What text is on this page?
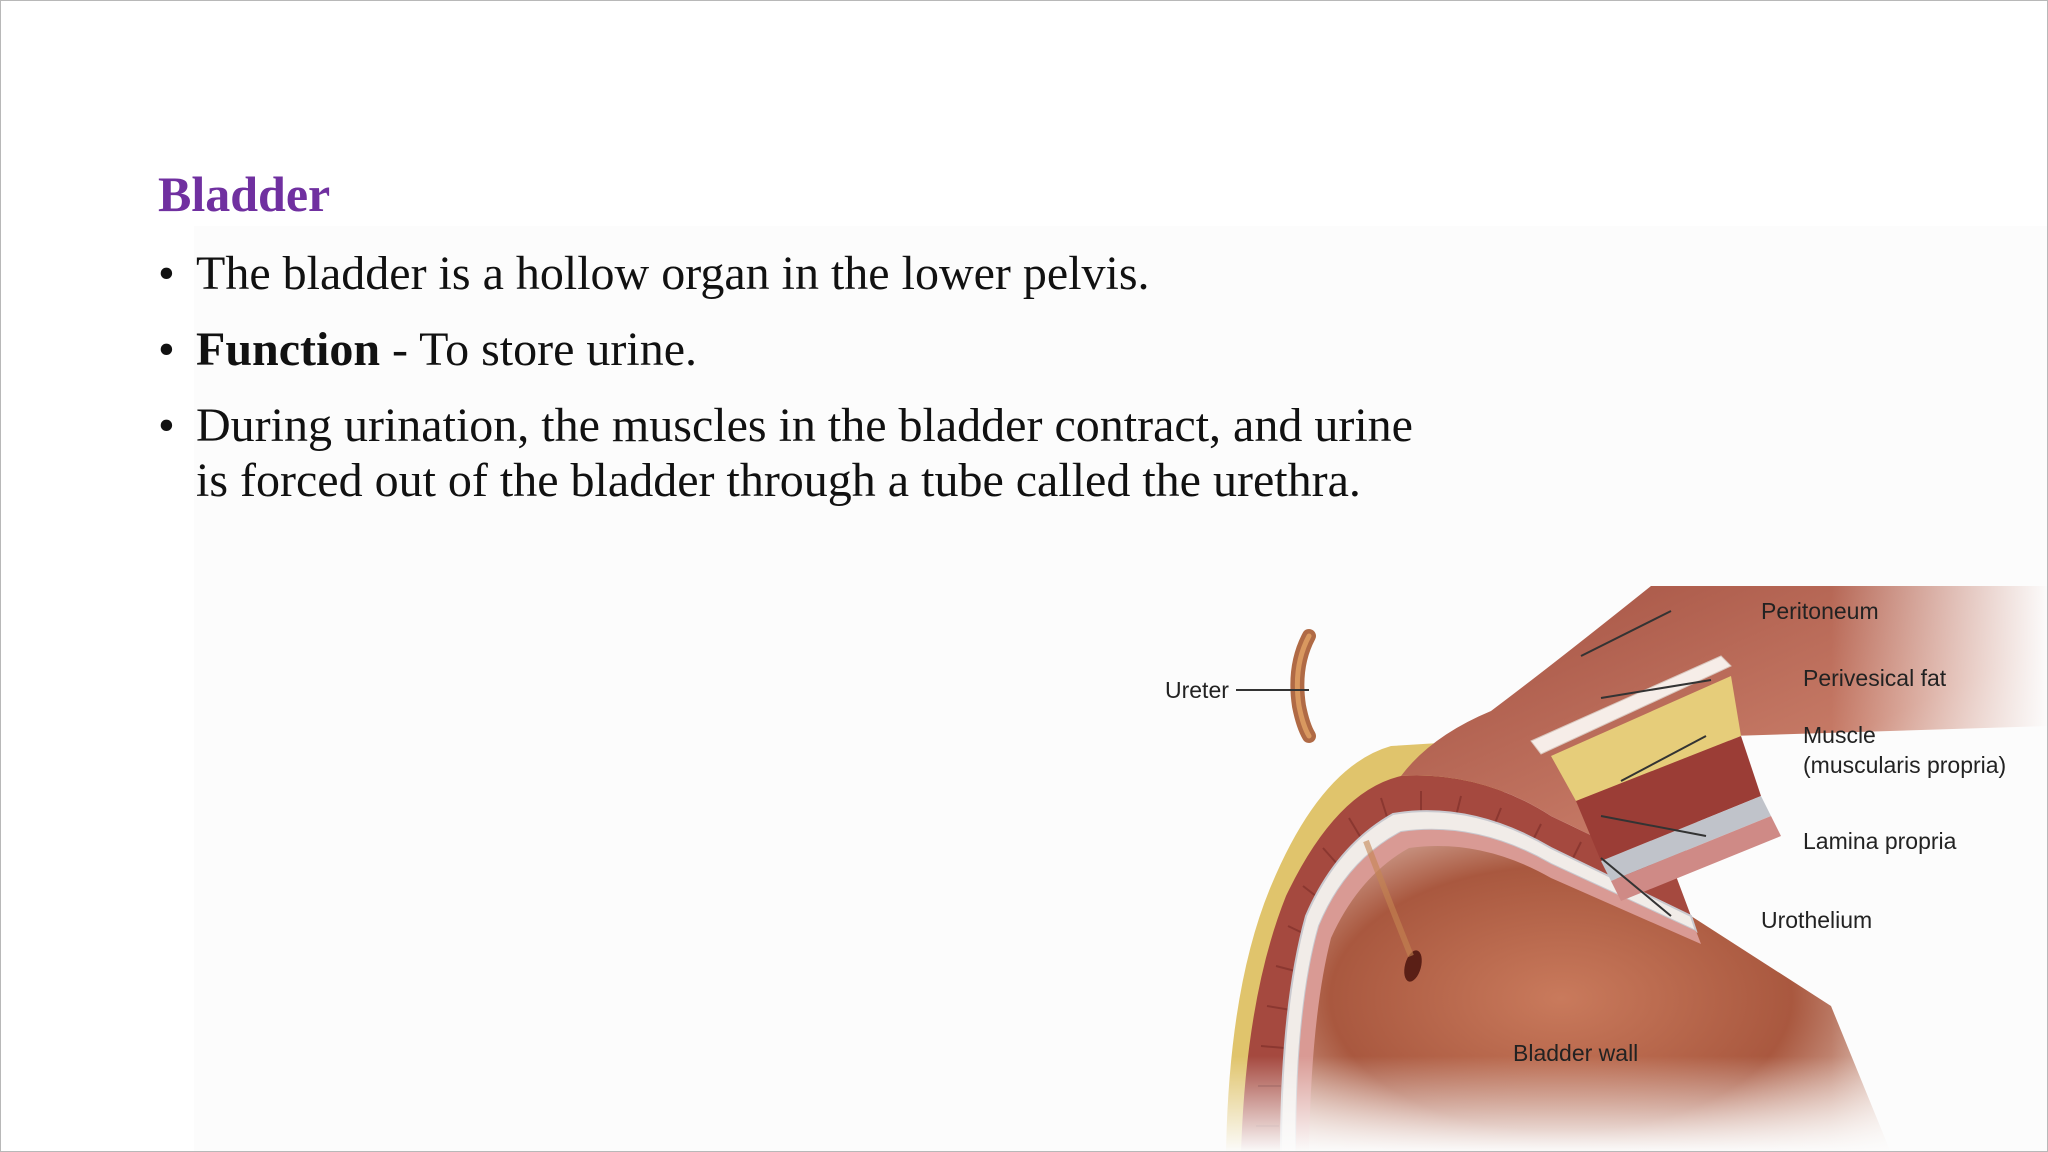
Bladder
• The bladder is a hollow organ in the lower pelvis.
• Function - To store urine.
• During urination, the muscles in the bladder contract, and urine is forced out of the bladder through a tube called the urethra.
Ureter
Peritoneum
Perivesical fat
Muscle
(muscularis propria)
Lamina propria
Urothelium
Bladder wall
